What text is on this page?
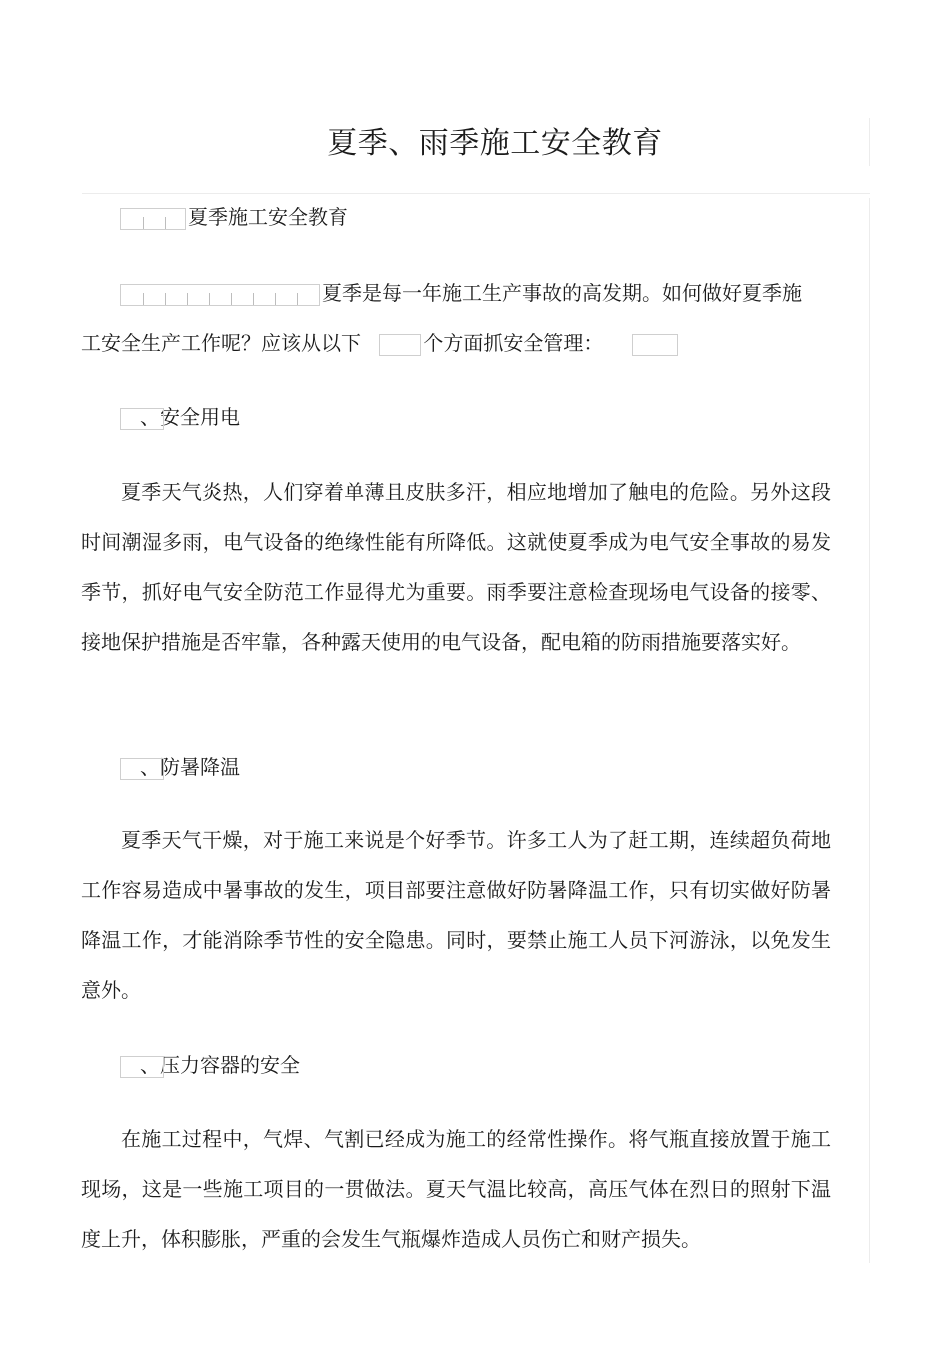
夏季、雨季施工安全教育
夏季施工安全教育
夏季是每一年施工生产事故的高发期。如何做好夏季施
工安全生产工作呢？应该从以下	个方面抓安全管理：
、安全用电
夏季天气炎热，人们穿着单薄且皮肤多汗，相应地增加了触电的危险。另外这段时间潮湿多雨，电气设备的绝缘性能有所降低。这就使夏季成为电气安全事故的易发季节，抓好电气安全防范工作显得尤为重要。雨季要注意检查现场电气设备的接零、接地保护措施是否牢靠，各种露天使用的电气设备，配电箱的防雨措施要落实好。
、防暑降温
夏季天气干燥，对于施工来说是个好季节。许多工人为了赶工期，连续超负荷地工作容易造成中暑事故的发生，项目部要注意做好防暑降温工作，只有切实做好防暑降温工作，才能消除季节性的安全隐患。同时，要禁止施工人员下河游泳，以免发生意外。
、压力容器的安全
在施工过程中，气焊、气割已经成为施工的经常性操作。将气瓶直接放置于施工现场，这是一些施工项目的一贯做法。夏天气温比较高，高压气体在烈日的照射下温度上升，体积膨胀，严重的会发生气瓶爆炸造成人员伤亡和财产损失。
